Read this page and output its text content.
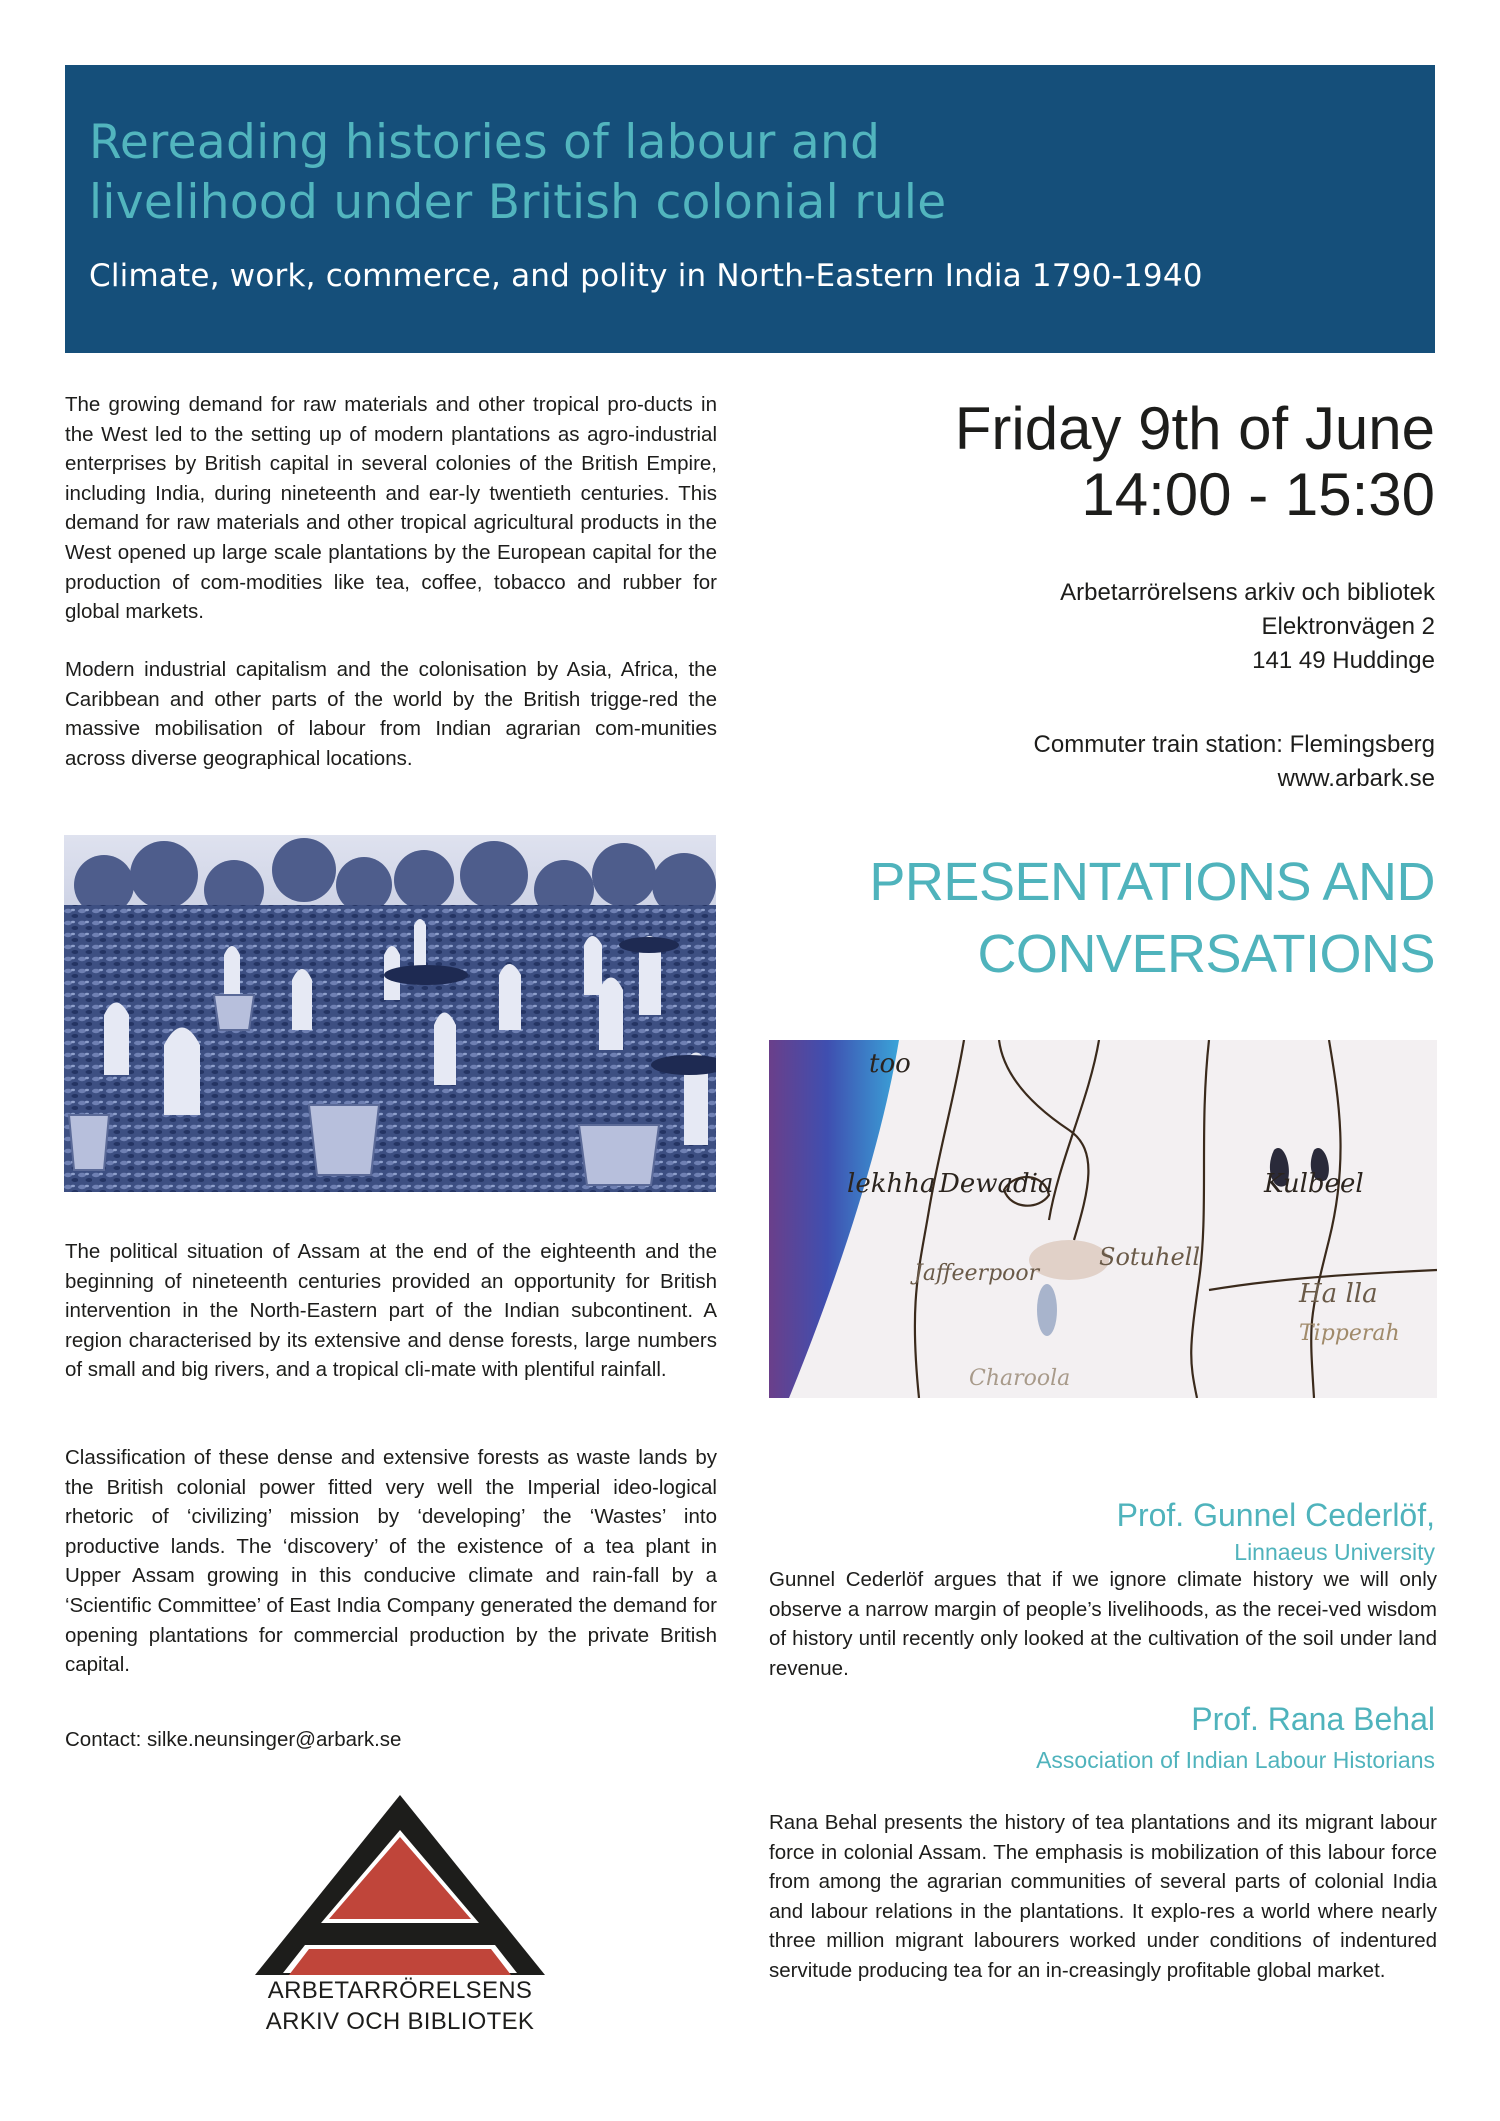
Rereading histories of labour and
livelihood under British colonial rule
Climate, work, commerce, and polity in North-Eastern India 1790-1940
The growing demand for raw materials and other tropical pro-ducts in the West led to the setting up of modern plantations as agro-industrial enterprises by British capital in several colonies of the British Empire, including India, during nineteenth and ear-ly twentieth centuries. This demand for raw materials and other tropical agricultural products in the West opened up large scale plantations by the European capital for the production of com-modities like tea, coffee, tobacco and rubber for global markets.
Modern industrial capitalism and the colonisation by Asia, Africa, the Caribbean and other parts of the world by the British trigge-red the massive mobilisation of labour from Indian agrarian com-munities across diverse geographical locations.
The political situation of Assam at the end of the eighteenth and the beginning of nineteenth centuries provided an opportunity for British intervention in the North-Eastern part of the Indian subcontinent. A region characterised by its extensive and dense forests, large numbers of small and big rivers, and a tropical cli-mate with plentiful rainfall.
Classification of these dense and extensive forests as waste lands by the British colonial power fitted very well the Imperial ideo-logical rhetoric of ‘civilizing’ mission by ‘developing’ the ‘Wastes’ into productive lands. The ‘discovery’ of the existence of a tea plant in Upper Assam growing in this conducive climate and rain-fall by a ‘Scientific Committee’ of East India Company generated the demand for opening plantations for commercial production by the private British capital.
Contact: silke.neunsinger@arbark.se
ARBETARRÖRELSENS
ARKIV OCH BIBLIOTEK
Friday 9th of June
14:00 - 15:30
Arbetarrörelsens arkiv och bibliotek
Elektronvägen 2
141 49 Huddinge
Commuter train station: Flemingsberg
www.arbark.se
PRESENTATIONS AND
CONVERSATIONS
too
lekhha Dewadia	Kulbeel
Sotuhell
Jaffeerpoor
Ha lla
Tipperah
Charoola
Prof. Gunnel Cederlöf,
Linnaeus University
Gunnel Cederlöf argues that if we ignore climate history we will only observe a narrow margin of people’s livelihoods, as the recei-ved wisdom of history until recently only looked at the cultivation of the soil under land revenue.
Prof. Rana Behal
Association of Indian Labour Historians
Rana Behal presents the history of tea plantations and its migrant labour force in colonial Assam. The emphasis is mobilization of this labour force from among the agrarian communities of several parts of colonial India and labour relations in the plantations. It explo-res a world where nearly three million migrant labourers worked under conditions of indentured servitude producing tea for an in-creasingly profitable global market.
